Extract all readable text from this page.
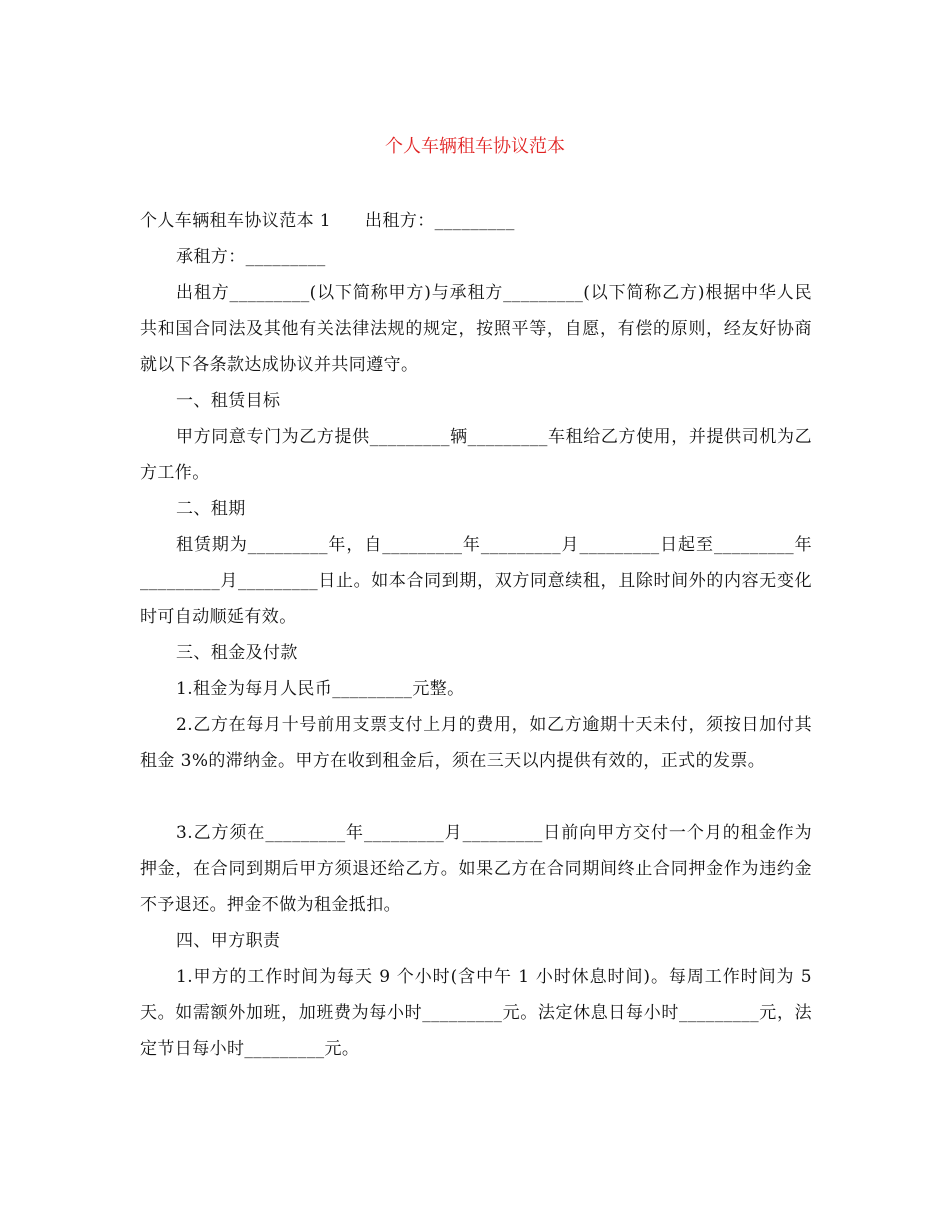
个人车辆租车协议范本
个人车辆租车协议范本 1 出租方：_________
承租方：_________
出租方_________(以下简称甲方)与承租方_________(以下简称乙方)根据中华人民共和国合同法及其他有关法律法规的规定，按照平等，自愿，有偿的原则，经友好协商就以下各条款达成协议并共同遵守。
一、租赁目标
甲方同意专门为乙方提供_________辆_________车租给乙方使用，并提供司机为乙方工作。
二、租期
租赁期为_________年，自_________年_________月_________日起至_________年_________月_________日止。如本合同到期，双方同意续租，且除时间外的内容无变化时可自动顺延有效。
三、租金及付款
1.租金为每月人民币_________元整。
2.乙方在每月十号前用支票支付上月的费用，如乙方逾期十天未付，须按日加付其租金 3%的滞纳金。甲方在收到租金后，须在三天以内提供有效的，正式的发票。
3.乙方须在_________年_________月_________日前向甲方交付一个月的租金作为押金，在合同到期后甲方须退还给乙方。如果乙方在合同期间终止合同押金作为违约金不予退还。押金不做为租金抵扣。
四、甲方职责
1.甲方的工作时间为每天 9 个小时(含中午 1 小时休息时间)。每周工作时间为 5 天。如需额外加班，加班费为每小时_________元。法定休息日每小时_________元，法定节日每小时_________元。
